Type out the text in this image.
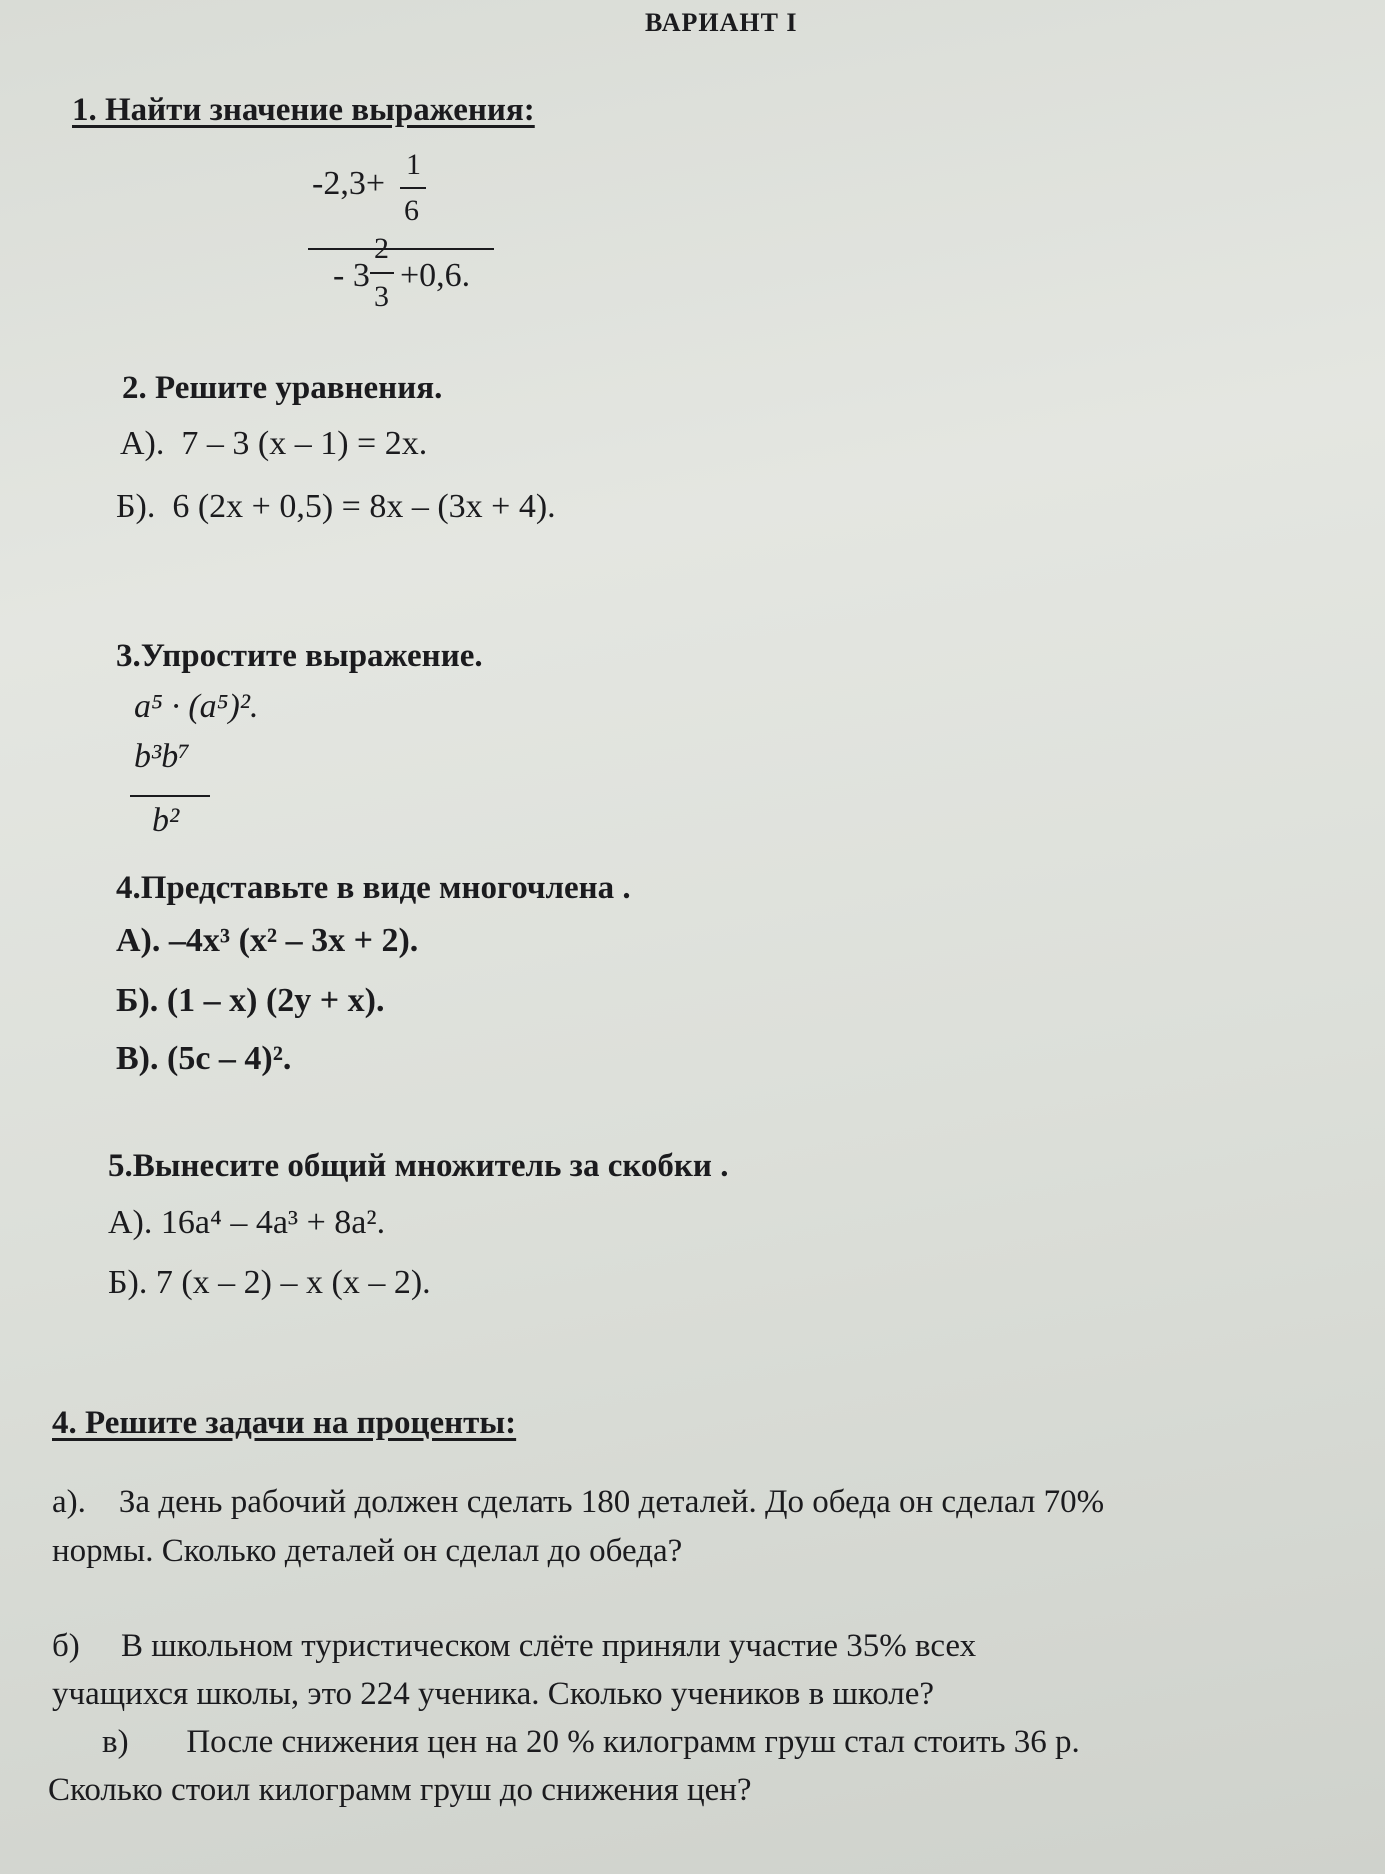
ВАРИАНТ I
1. Найти значение выражения:
-2,3+
1
6
- 3
2
3
+0,6.
2. Решите уравнения.
А). 7 – 3 (x – 1) = 2x.
Б). 6 (2x + 0,5) = 8x – (3x + 4).
3.Упростите выражение.
a⁵ · (a⁵)².
b³b⁷
b²
4.Представьте в виде многочлена .
А). –4x³ (x² – 3x + 2).
Б). (1 – x) (2y + x).
В). (5c – 4)².
5.Вынесите общий множитель за скобки .
А). 16a⁴ – 4a³ + 8a².
Б). 7 (x – 2) – x (x – 2).
4. Решите задачи на проценты:
а). За день рабочий должен сделать 180 деталей. До обеда он сделал 70%
нормы. Сколько деталей он сделал до обеда?
б) В школьном туристическом слёте приняли участие 35% всех
учащихся школы, это 224 ученика. Сколько учеников в школе?
в) После снижения цен на 20 % килограмм груш стал стоить 36 р.
Сколько стоил килограмм груш до снижения цен?
